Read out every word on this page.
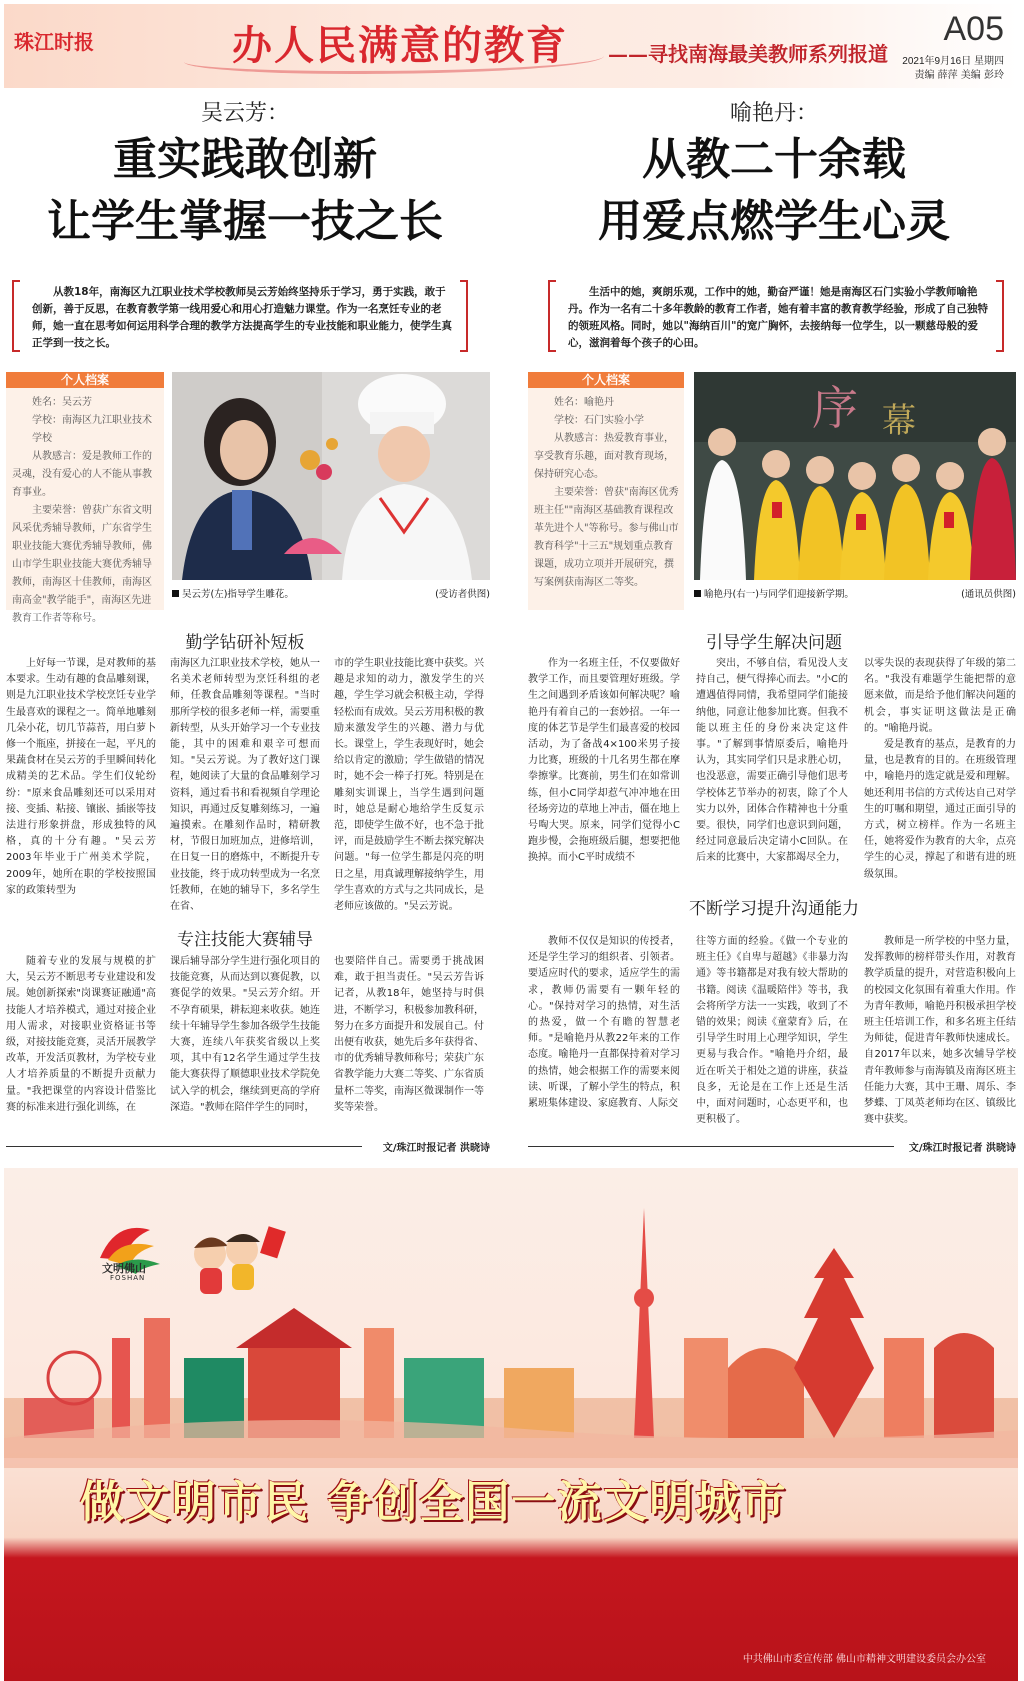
珠江时报	办人民满意的教育 ——寻找南海最美教师系列报道
A05
2021年9月16日 星期四
责编 薛萍 美编 彭玲
吴云芳：
重实践敢创新
让学生掌握一技之长
从教18年，南海区九江职业技术学校教师吴云芳始终坚持乐于学习，勇于实践，敢于创新，善于反思，在教育教学第一线用爱心和用心打造魅力课堂。作为一名烹饪专业的老师，她一直在思考如何运用科学合理的教学方法提高学生的专业技能和职业能力，使学生真正学到一技之长。
喻艳丹：
从教二十余载
用爱点燃学生心灵
生活中的她，爽朗乐观，工作中的她，勤奋严谨！她是南海区石门实验小学教师喻艳丹。作为一名有二十多年教龄的教育工作者，她有着丰富的教育教学经验，形成了自己独特的领班风格。同时，她以"海纳百川"的宽广胸怀，去接纳每一位学生，以一颗慈母般的爱心，滋润着每个孩子的心田。
个人档案
姓名：吴云芳
学校：南海区九江职业技术学校
从教感言：爱是教师工作的灵魂，没有爱心的人不能从事教育事业。
主要荣誉：曾获广东省文明风采优秀辅导教师，广东省学生职业技能大赛优秀辅导教师，佛山市学生职业技能大赛优秀辅导教师，南海区十佳教师，南海区南高金"教学能手"，南海区先进教育工作者等称号。
吴云芳(左)指导学生雕花。	(受访者供图)
个人档案
姓名：喻艳丹
学校：石门实验小学
从教感言：热爱教育事业，享受教育乐趣，面对教育现场，保持研究心态。
主要荣誉：曾获"南海区优秀班主任""南海区基础教育课程改革先进个人"等称号。参与佛山市教育科学"十三五"规划重点教育课题，成功立项并开展研究，撰写案例获南海区二等奖。
序 幕
喻艳丹(右一)与同学们迎接新学期。	(通讯员供图)
勤学钻研补短板
上好每一节课，是对教师的基本要求。生动有趣的食品雕刻课，则是九江职业技术学校烹饪专业学生最喜欢的课程之一。简单地雕刻几朵小花，切几节蒜苔，用白萝卜修一个瓶座，拼接在一起，平凡的果蔬食材在吴云芳的手里瞬间转化成精美的艺术品。学生们仪轮纷纷："原来食品雕刻还可以采用对接、变插、粘接、镶嵌、插嵌等技法进行形象拼盘，形成独特的风格，真的十分有趣。"吴云芳2003年毕业于广州美术学院，2009年，她所在职的学校按照国家的政策转型为
南海区九江职业技术学校，她从一名美术老师转型为烹饪科组的老师，任教食品雕刻等课程。"当时那所学校的很多老师一样，需要重新转型，从头开始学习一个专业技能，其中的困难和艰辛可想而知。"吴云芳说。为了教好这门课程，她阅读了大量的食品雕刻学习资料，通过看书和看视频自学理论知识，再通过反复雕刻练习，一遍遍摸索。在雕刻作品时，精研教材，节假日加班加点，进修培训，在日复一日的磨炼中，不断提升专业技能，终于成功转型成为一名烹饪教师，在她的辅导下，多名学生在省、
市的学生职业技能比赛中获奖。兴趣是求知的动力，激发学生的兴趣，学生学习就会积极主动，学得轻松而有成效。吴云芳用积极的教励来激发学生的兴趣、潜力与优长。课堂上，学生表现好时，她会给以肯定的激励；学生做错的情况时，她不会一棒子打死。特别是在雕刻实训课上，当学生遇到问题时，她总是耐心地给学生反复示范，即使学生做不好，也不急于批评，而是鼓励学生不断去探究解决问题。"每一位学生都是闪亮的明日之星，用真诚理解接纳学生，用学生喜欢的方式与之共同成长，是老师应该做的。"吴云芳说。
专注技能大赛辅导
随着专业的发展与规模的扩大，吴云芳不断思考专业建设和发展。她创新探索"岗课赛证融通"高技能人才培养模式，通过对接企业用人需求，对接职业资格证书等级，对接技能竞赛，灵活开展教学改革，开发活页教材，为学校专业人才培养质量的不断提升贡献力量。"我把课堂的内容设计借鉴比赛的标准来进行强化训练，在
课后辅导部分学生进行强化项目的技能竞赛，从而达到以赛促教，以赛促学的效果。"吴云芳介绍。开不孕育硕果，耕耘迎来收获。她连续十年辅导学生参加各级学生技能大赛，连续八年获奖省级以上奖项，其中有12名学生通过学生技能大赛获得了顺德职业技术学院免试入学的机会，继续到更高的学府深造。"教师在陪伴学生的同时，
也要陪伴自己。需要勇于挑战困难，敢于担当责任。"吴云芳告诉记者，从教18年，她坚持与时俱进，不断学习，积极参加教科研，努力在多方面提升和发展自己。付出便有收获，她先后多年获得省、市的优秀辅导教师称号；荣获广东省教学能力大赛二等奖、广东省质量杯二等奖，南海区微课制作一等奖等荣誉。
文/珠江时报记者 洪晓诗
引导学生解决问题
作为一名班主任，不仅要做好教学工作，而且要管理好班级。学生之间遇到矛盾该如何解决呢？喻艳丹有着自己的一套妙招。一年一度的体艺节是学生们最喜爱的校园活动，为了备战4×100米男子接力比赛，班级的十几名男生都在摩拳擦掌。比赛前，男生们在如常训练，但小C同学却惹气冲冲地在田径场旁边的草地上冲击，僵在地上号啕大哭。原来，同学们觉得小C跑步慢，会拖班级后腿，想要把他换掉。而小C平时成绩不
突出，不够自信，看见没人支持自己，便气得捧心而去。"小C的遭遇值得同情，我希望同学们能接纳他，同意让他参加比赛。但我不能以班主任的身份来决定这件事。"了解到事情原委后，喻艳丹认为，其实同学们只是求胜心切，也没恶意，需要正确引导他们思考学校体艺节举办的初衷，除了个人实力以外，团体合作精神也十分重要。很快，同学们也意识到问题，经过同意最后决定请小C回队。在后来的比赛中，大家都竭尽全力，
以零失误的表现获得了年级的第二名。"我没有难题学生能把帮的意愿来做，而是给予他们解决问题的机会，事实证明这做法是正确的。"喻艳丹说。
爱是教育的基点，是教育的力量，也是教育的目的。在班级管理中，喻艳丹的选定就是爱和理解。她还利用书信的方式传达自己对学生的叮嘱和期望，通过正面引导的方式，树立榜样。作为一名班主任，她将爱作为教育的大伞，点亮学生的心灵，撑起了和谐有进的班级氛围。
不断学习提升沟通能力
教师不仅仅是知识的传授者，还是学生学习的组织者、引领者。要适应时代的要求，适应学生的需求，教师仍需要有一颗年轻的心。"保持对学习的热情，对生活的热爱，做一个有瞻的智慧老师。"是喻艳丹从教22年来的工作态度。喻艳丹一直都保持着对学习的热情，她会根据工作的需要来阅读、听课，了解小学生的特点，积累班集体建设、家庭教育、人际交
往等方面的经验。《做一个专业的班主任》《自卑与超越》《非暴力沟通》等书籍都是对我有较大帮助的书籍。阅读《温暖陪伴》等书，我会将所学方法一一实践，收到了不错的效果；阅读《童蒙育》后，在引导学生时用上心理学知识，学生更易与我合作。"喻艳丹介绍，最近在听关于相处之道的讲座，获益良多，无论是在工作上还是生活中，面对问题时，心态更平和，也更积极了。
教师是一所学校的中坚力量，发挥教师的榜样带头作用，对教育教学质量的提升，对营造积极向上的校园文化氛围有着重大作用。作为青年教师，喻艳丹积极承担学校班主任培训工作，和多名班主任结为师徒，促进青年教师快速成长。自2017年以来，她多次辅导学校青年教师参与南海镇及南海区班主任能力大赛，其中王珊、周乐、李梦蝶、丁凤英老师均在区、镇级比赛中获奖。
文/珠江时报记者 洪晓诗
文明佛山
FOSHAN
做文明市民 争创全国一流文明城市
中共佛山市委宣传部 佛山市精神文明建设委员会办公室
